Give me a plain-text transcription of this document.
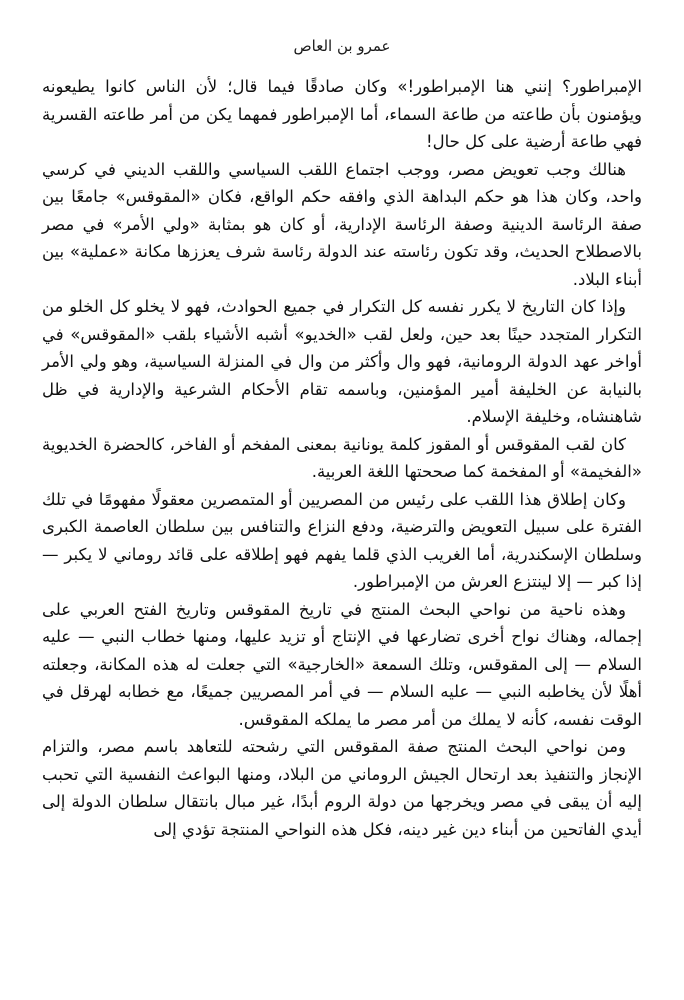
عمرو بن العاص

الإمبراطور؟ إنني هنا الإمبراطور!» وكان صادقًا فيما قال؛ لأن الناس كانوا يطيعونه ويؤمنون بأن طاعته من طاعة السماء، أما الإمبراطور فمهما يكن من أمر طاعته القسرية فهي طاعة أرضية على كل حال!

هنالك وجب تعويض مصر، ووجب اجتماع اللقب السياسي واللقب الديني في كرسي واحد، وكان هذا هو حكم البداهة الذي وافقه حكم الواقع، فكان «المقوقس» جامعًا بين صفة الرئاسة الدينية وصفة الرئاسة الإدارية، أو كان هو بمثابة «ولي الأمر» في مصر بالاصطلاح الحديث، وقد تكون رئاسته عند الدولة رئاسة شرف يعززها مكانة «عملية» بين أبناء البلاد.

وإذا كان التاريخ لا يكرر نفسه كل التكرار في جميع الحوادث، فهو لا يخلو كل الخلو من التكرار المتجدد حينًا بعد حين، ولعل لقب «الخديو» أشبه الأشياء بلقب «المقوقس» في أواخر عهد الدولة الرومانية، فهو وال وأكثر من وال في المنزلة السياسية، وهو ولي الأمر بالنيابة عن الخليفة أمير المؤمنين، وباسمه تقام الأحكام الشرعية والإدارية في ظل شاهنشاه، وخليفة الإسلام.

كان لقب المقوقس أو المقوز كلمة يونانية بمعنى المفخم أو الفاخر، كالحضرة الخديوية «الفخيمة» أو المفخمة كما صححتها اللغة العربية.

وكان إطلاق هذا اللقب على رئيس من المصريين أو المتمصرين معقولًا مفهومًا في تلك الفترة على سبيل التعويض والترضية، ودفع النزاع والتنافس بين سلطان العاصمة الكبرى وسلطان الإسكندرية، أما الغريب الذي قلما يفهم فهو إطلاقه على قائد روماني لا يكبر — إذا كبر — إلا لينتزع العرش من الإمبراطور.

وهذه ناحية من نواحي البحث المنتج في تاريخ المقوقس وتاريخ الفتح العربي على إجماله، وهناك نواح أخرى تضارعها في الإنتاج أو تزيد عليها، ومنها خطاب النبي — عليه السلام — إلى المقوقس، وتلك السمعة «الخارجية» التي جعلت له هذه المكانة، وجعلته أهلًا لأن يخاطبه النبي — عليه السلام — في أمر المصريين جميعًا، مع خطابه لهرقل في الوقت نفسه، كأنه لا يملك من أمر مصر ما يملكه المقوقس.

ومن نواحي البحث المنتج صفة المقوقس التي رشحته للتعاهد باسم مصر، والتزام الإنجاز والتنفيذ بعد ارتحال الجيش الروماني من البلاد، ومنها البواعث النفسية التي تحبب إليه أن يبقى في مصر ويخرجها من دولة الروم أبدًا، غير مبال بانتقال سلطان الدولة إلى أيدي الفاتحين من أبناء دين غير دينه، فكل هذه النواحي المنتجة تؤدي إلى
